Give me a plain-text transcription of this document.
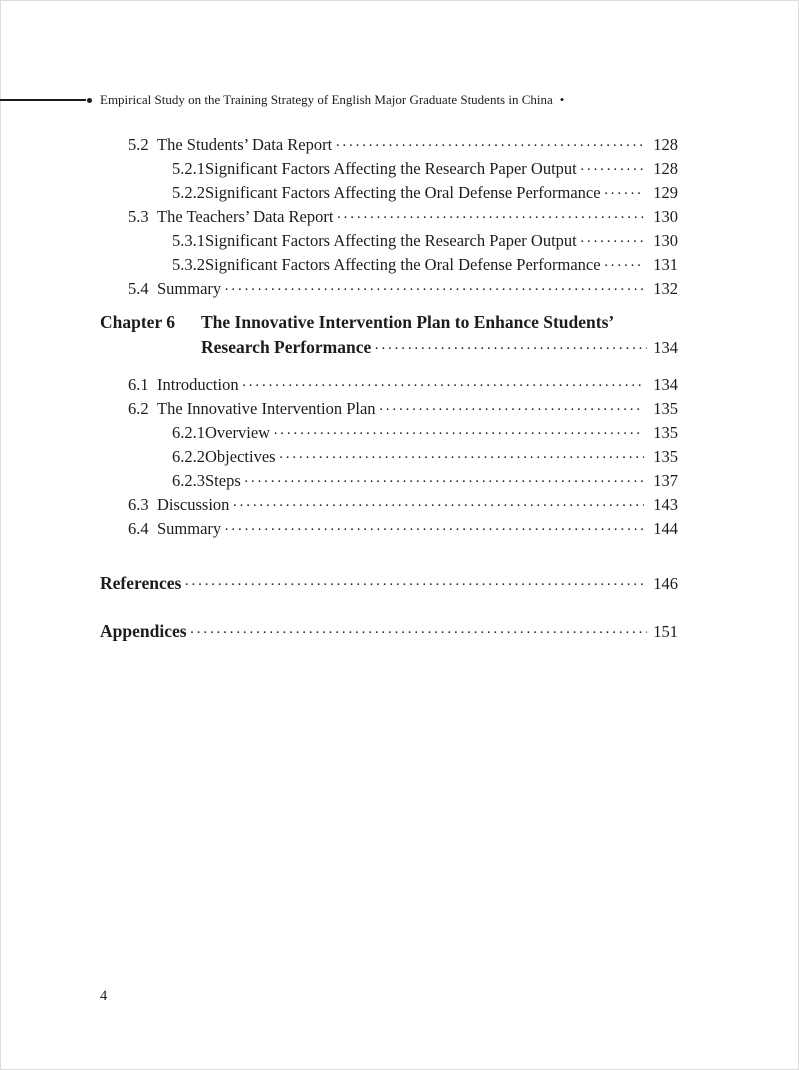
Empirical Study on the Training Strategy of English Major Graduate Students in China •
5.2 The Students’ Data Report ·····	128
5.2.1 Significant Factors Affecting the Research Paper Output ·····	128
5.2.2 Significant Factors Affecting the Oral Defense Performance ·····	129
5.3 The Teachers’ Data Report ·····	130
5.3.1 Significant Factors Affecting the Research Paper Output ·····	130
5.3.2 Significant Factors Affecting the Oral Defense Performance ·····	131
5.4 Summary ·····	132
Chapter 6	The Innovative Intervention Plan to Enhance Students’
Research Performance ·····	134
6.1 Introduction ·····	134
6.2 The Innovative Intervention Plan ·····	135
6.2.1 Overview ·····	135
6.2.2 Objectives ·····	135
6.2.3 Steps ·····	137
6.3 Discussion ·····	143
6.4 Summary ·····	144
References ·····	146
Appendices ·····	151
4
